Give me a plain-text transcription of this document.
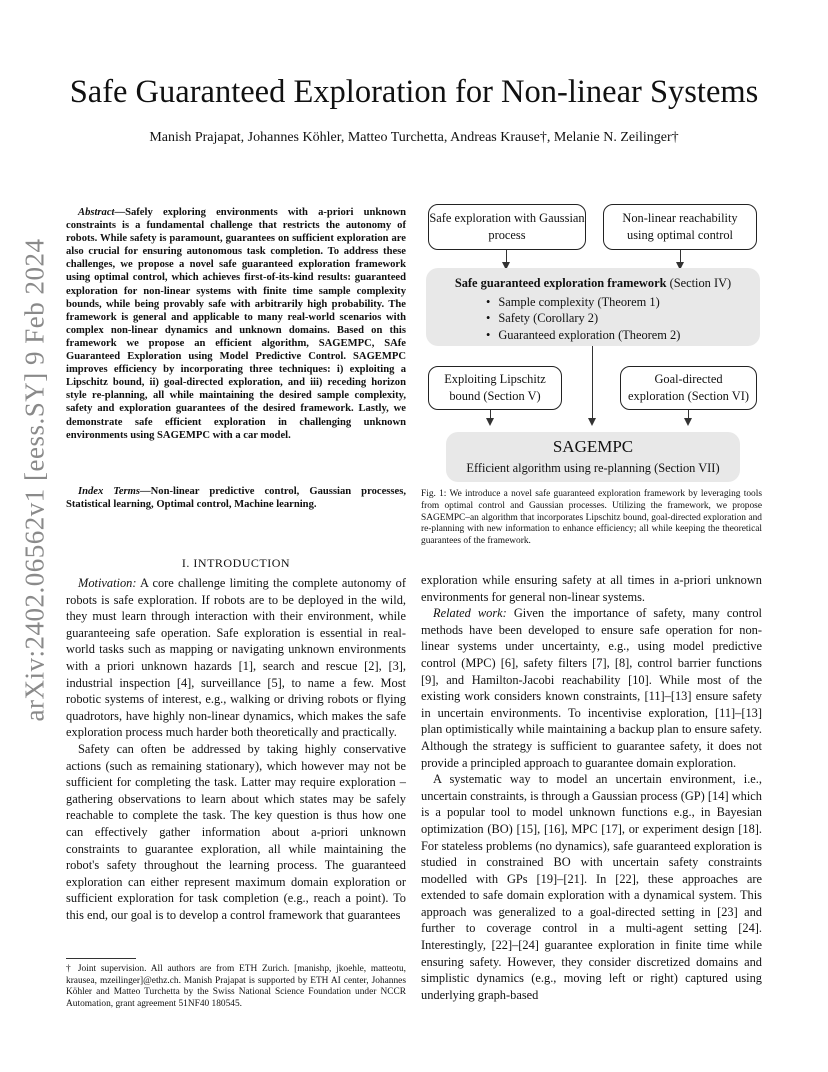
arXiv:2402.06562v1 [eess.SY] 9 Feb 2024
Safe Guaranteed Exploration for Non-linear Systems
Manish Prajapat, Johannes Köhler, Matteo Turchetta, Andreas Krause†, Melanie N. Zeilinger†

Abstract—Safely exploring environments with a-priori unknown constraints is a fundamental challenge that restricts the autonomy of robots. While safety is paramount, guarantees on sufficient exploration are also crucial for ensuring autonomous task completion. To address these challenges, we propose a novel safe guaranteed exploration framework using optimal control, which achieves first-of-its-kind results: guaranteed exploration for non-linear systems with finite time sample complexity bounds, while being provably safe with arbitrarily high probability. The framework is general and applicable to many real-world scenarios with complex non-linear dynamics and unknown domains. Based on this framework we propose an efficient algorithm, SAGEMPC, SAfe Guaranteed Exploration using Model Predictive Control. SAGEMPC improves efficiency by incorporating three techniques: i) exploiting a Lipschitz bound, ii) goal-directed exploration, and iii) receding horizon style re-planning, all while maintaining the desired sample complexity, safety and exploration guarantees of the desired framework. Lastly, we demonstrate safe efficient exploration in challenging unknown environments using SAGEMPC with a car model.

Index Terms—Non-linear predictive control, Gaussian processes, Statistical learning, Optimal control, Machine learning.

I. INTRODUCTION

Motivation: A core challenge limiting the complete autonomy of robots is safe exploration. If robots are to be deployed in the wild, they must learn through interaction with their environment, while guaranteeing safe operation. Safe exploration is essential in real-world tasks such as mapping or navigating unknown environments with a priori unknown hazards [1], search and rescue [2], [3], industrial inspection [4], surveillance [5], to name a few. Most robotic systems of interest, e.g., walking or driving robots or flying quadrotors, have highly non-linear dynamics, which makes the safe exploration process much harder both theoretically and practically.

Safety can often be addressed by taking highly conservative actions (such as remaining stationary), which however may not be sufficient for completing the task. Latter may require exploration – gathering observations to learn about which states may be safely reachable to complete the task. The key question is thus how one can effectively gather information about a-priori unknown constraints to guarantee exploration, all while maintaining the robot's safety throughout the learning process. The guaranteed exploration can either represent maximum domain exploration or sufficient exploration for task completion (e.g., reach a point). To this end, our goal is to develop a control framework that guarantees

† Joint supervision. All authors are from ETH Zurich. [manishp, jkoehle, matteotu, krausea, mzeilinger]@ethz.ch. Manish Prajapat is supported by ETH AI center, Johannes Köhler and Matteo Turchetta by the Swiss National Science Foundation under NCCR Automation, grant agreement 51NF40 180545.
Safe exploration with Gaussian process
Non-linear reachability using optimal control
Safe guaranteed exploration framework (Section IV)
• Sample complexity (Theorem 1)
• Safety (Corollary 2)
• Guaranteed exploration (Theorem 2)
Exploiting Lipschitz bound (Section V)
Goal-directed exploration (Section VI)
SAGEMPC
Efficient algorithm using re-planning (Section VII)
Fig. 1: We introduce a novel safe guaranteed exploration framework by leveraging tools from optimal control and Gaussian processes. Utilizing the framework, we propose SAGEMPC–an algorithm that incorporates Lipschitz bound, goal-directed exploration and re-planning with new information to enhance efficiency; all while keeping the theoretical guarantees of the framework.

exploration while ensuring safety at all times in a-priori unknown environments for general non-linear systems.

Related work: Given the importance of safety, many control methods have been developed to ensure safe operation for non-linear systems under uncertainty, e.g., using model predictive control (MPC) [6], safety filters [7], [8], control barrier functions [9], and Hamilton-Jacobi reachability [10]. While most of the existing work considers known constraints, [11]–[13] ensure safety in uncertain environments. To incentivise exploration, [11]–[13] plan optimistically while maintaining a backup plan to ensure safety. Although the strategy is sufficient to guarantee safety, it does not provide a principled approach to guarantee domain exploration.

A systematic way to model an uncertain environment, i.e., uncertain constraints, is through a Gaussian process (GP) [14] which is a popular tool to model unknown functions e.g., in Bayesian optimization (BO) [15], [16], MPC [17], or experiment design [18]. For stateless problems (no dynamics), safe guaranteed exploration is studied in constrained BO with uncertain safety constraints modelled with GPs [19]–[21]. In [22], these approaches are extended to safe domain exploration with a dynamical system. This approach was generalized to a goal-directed setting in [23] and further to coverage control in a multi-agent setting [24]. Interestingly, [22]–[24] guarantee exploration in finite time while ensuring safety. However, they consider discretized domains and simplistic dynamics (e.g., moving left or right) captured using underlying graph-based
